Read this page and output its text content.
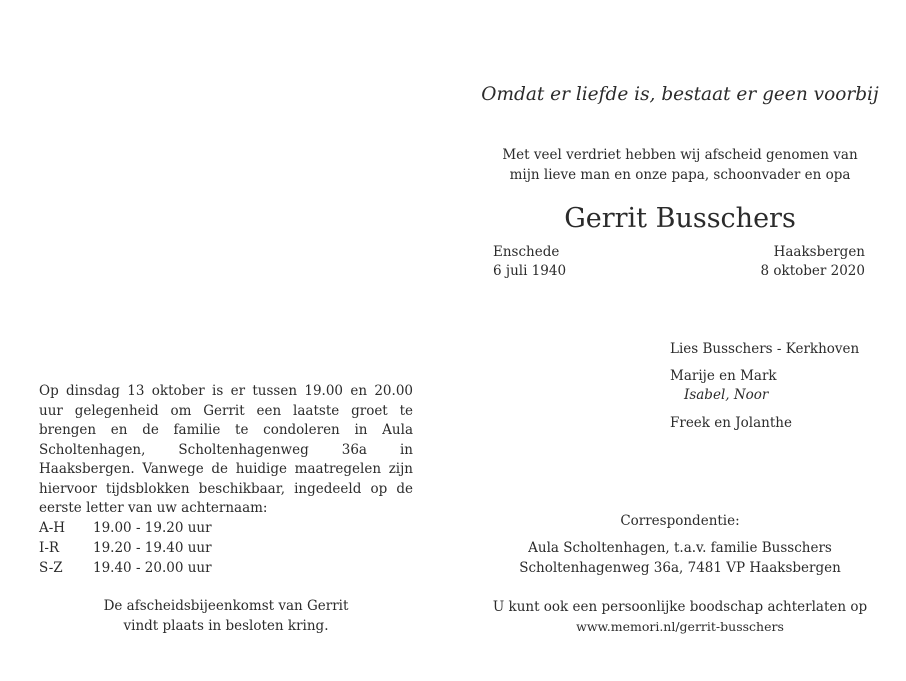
Omdat er liefde is, bestaat er geen voorbij
Met veel verdriet hebben wij afscheid genomen van
mijn lieve man en onze papa, schoonvader en opa
Gerrit Busschers
Enschede
6 juli 1940
Haaksbergen
8 oktober 2020
Lies Busschers - Kerkhoven
Marije en Mark
Isabel, Noor
Freek en Jolanthe
Op dinsdag 13 oktober is er tussen 19.00 en 20.00 uur gelegenheid om Gerrit een laatste groet te brengen en de familie te condoleren in Aula Scholtenhagen, Scholtenhagenweg 36a in Haaksbergen. Vanwege de huidige maatregelen zijn hiervoor tijdsblokken beschikbaar, ingedeeld op de eerste letter van uw achternaam:
A-H	19.00 - 19.20 uur
I-R	19.20 - 19.40 uur
S-Z	19.40 - 20.00 uur
De afscheidsbijeenkomst van Gerrit
vindt plaats in besloten kring.
Correspondentie:
Aula Scholtenhagen, t.a.v. familie Busschers
Scholtenhagenweg 36a, 7481 VP Haaksbergen
U kunt ook een persoonlijke boodschap achterlaten op
www.memori.nl/gerrit-busschers
